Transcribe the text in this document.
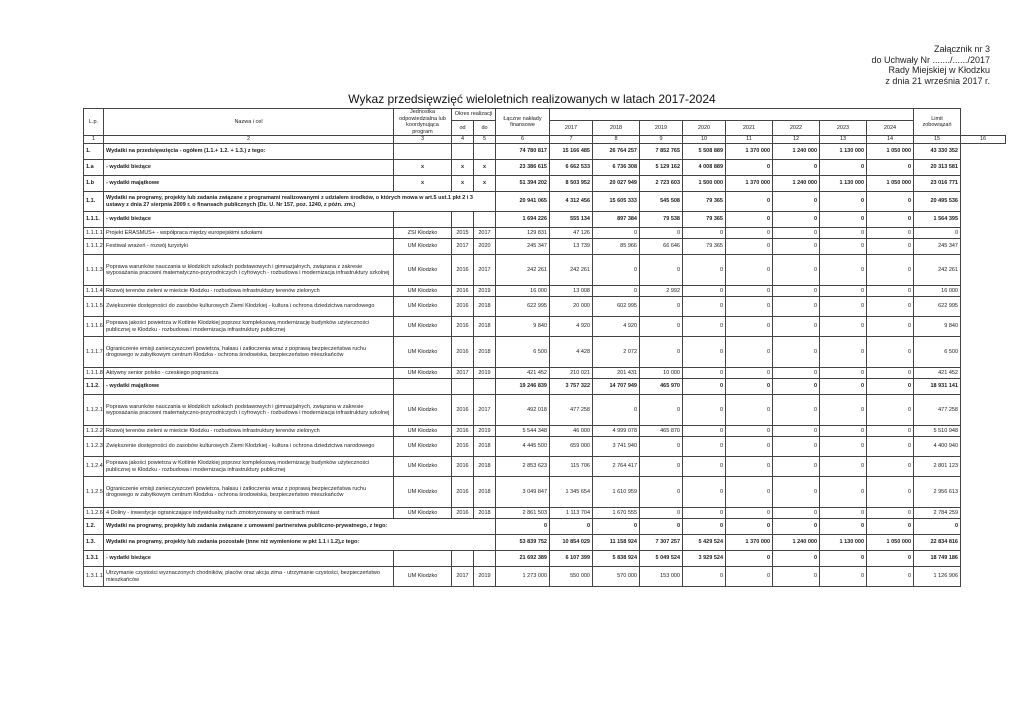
Załącznik nr 3
do Uchwały Nr ......./....../2017
Rady Miejskiej w Kłodzku
z dnia 21 września 2017 r.
Wykaz przedsięwzięć wieloletnich realizowanych w latach 2017-2024
L.p.	Nazwa i cel	Jednostka odpowiedzialna lub koordynująca program	Okres realizacji		Łączne nakłady finansowe									Limit zobowiązań	
			od	do		2017	2018	2019	2020	2021	2022	2023	2024		
1	2	3	4	5	6	7	8	9	10	11	12	13	14	15	16
1.	Wydatki na przedsięwzięcia - ogółem (1.1.+ 1.2. + 1.3.) z tego:				74 780 817	15 166 485	26 764 257	7 852 765	5 508 889	1 370 000	1 240 000	1 130 000	1 050 000	43 330 352	
1.a	- wydatki bieżące	x	x	x	23 386 615	6 662 533	6 736 308	5 129 162	4 008 889	0	0	0	0	20 313 581	
1.b	- wydatki majątkowe	x	x	x	51 394 202	8 503 952	20 027 949	2 723 603	1 500 000	1 370 000	1 240 000	1 130 000	1 050 000	23 016 771	
1.1.	Wydatki na programy, projekty lub zadania związane z programami realizowanymi z udziałem środków, o których mowa w art.5 ust.1 pkt 2 i 3 ustawy z dnia 27 sierpnia 2009 r. o finansach publicznych (Dz. U. Nr 157, poz. 1240, z późn. zm.)				20 941 065	4 312 456	15 605 333	545 508	79 365	0	0	0	0	20 495 536	
1.1.1.	- wydatki bieżące				1 694 226	555 134	897 384	79 538	79 365	0	0	0	0	1 564 395	
1.1.1.1	Projekt ERASMUS+ - współpraca między europejskimi szkołami	ZSI Kłodzko	2015	2017	129 831	47 126	0	0	0	0	0	0	0	0	
1.1.1.2	Festiwal wrażeń - rozwój turystyki	UM Kłodzko	2017	2020	245 347	13 739	85 966	66 646	79 365	0	0	0	0	245 347	
1.1.1.3	Poprawa warunków nauczania w kłodzkich szkołach podstawowych i gimnazjalnych, związana z zakresie wyposażania pracowni matematyczno-przyrodniczych i cyfrowych - rozbudowa i modernizacja infrastruktury szkolnej	UM Kłodzko	2016	2017	242 261	242 261	0	0	0	0	0	0	0	242 261	
1.1.1.4	Rozwój terenów zieleni w mieście Kłodzku - rozbudowa infrastruktury terenów zielonych	UM Kłodzko	2016	2019	16 000	13 008	0	2 992	0	0	0	0	0	16 000	
1.1.1.5	Zwiększenie dostępności do zasobów kulturowych Ziemi Kłodzkiej - kultura i ochrona dziedzictwa narodowego	UM Kłodzko	2016	2018	622 995	20 000	602 995	0	0	0	0	0	0	622 995	
1.1.1.6	Poprawa jakości powietrza w Kotlinie Kłodzkiej poprzez kompleksową modernizację budynków użyteczności publicznej w Kłodzku - rozbudowa i modernizacja infrastruktury publicznej	UM Kłodzko	2016	2018	9 840	4 920	4 920	0	0	0	0	0	0	9 840	
1.1.1.7	Ograniczenie emisji zanieczyszczeń powietrza, hałasu i zatłoczenia wraz z poprawą bezpieczeństwa ruchu drogowego w zabytkowym centrum Kłodzka - ochrona środowiska, bezpieczeństwo mieszkańców	UM Kłodzko	2016	2018	6 500	4 428	2 072	0	0	0	0	0	0	6 500	
1.1.1.8	Aktywny senior polsko - czeskiego pogranicza	UM Kłodzko	2017	2019	421 452	210 021	201 431	10 000	0	0	0	0	0	421 452	
1.1.2.	- wydatki majątkowe				19 246 839	3 757 322	14 707 949	465 970	0	0	0	0	0	18 931 141	
1.1.2.1	Poprawa warunków nauczania w kłodzkich szkołach podstawowych i gimnazjalnych, związana w zakresie wyposażania pracowni matematyczno-przyrodniczych i cyfrowych - rozbudowa i modernizacja infrastruktury szkolnej	UM Kłodzko	2016	2017	492 018	477 258	0	0	0	0	0	0	0	477 258	
1.1.2.2	Rozwój terenów zieleni w mieście Kłodzku - rozbudowa infrastruktury terenów zielonych	UM Kłodzko	2016	2019	5 544 348	46 000	4 999 078	465 870	0	0	0	0	0	5 510 948	
1.1.2.3	Zwiększenie dostępności do zasobów kulturowych Ziemi Kłodzkiej - kultura i ochrona dziedzictwa narodowego	UM Kłodzko	2016	2018	4 445 500	659 000	3 741 940	0	0	0	0	0	0	4 400 940	
1.1.2.4	Poprawa jakości powietrza w Kotlinie Kłodzkiej poprzez kompleksową modernizację budynków użyteczności publicznej w Kłodzku - rozbudowa i modernizacja infrastruktury publicznej	UM Kłodzko	2016	2018	2 853 623	115 706	2 764 417	0	0	0	0	0	0	2 801 123	
1.1.2.5	Ograniczenie emisji zanieczyszczeń powietrza, hałasu i zatłoczenia wraz z poprawą bezpieczeństwa ruchu drogowego w zabytkowym centrum Kłodzka - ochrona środowiska, bezpieczeństwo mieszkańców	UM Kłodzko	2016	2018	3 049 847	1 345 654	1 610 959	0	0	0	0	0	0	2 956 613	
1.1.2.6	4 Doliny - inwestycje ograniczające indywidualny ruch zmotoryzowany w centrach miast	UM Kłodzko	2016	2018	2 861 503	1 113 704	1 670 555	0	0	0	0	0	0	2 784 259	
1.2.	Wydatki na programy, projekty lub zadania związane z umowami partnerstwa publiczno-prywatnego, z tego:				0	0	0	0	0	0	0	0	0	0	
1.3.	Wydatki na programy, projekty lub zadania pozostałe (inne niż wymienione w pkt 1.1 i 1.2),z tego:				53 839 752	10 854 029	11 158 924	7 307 257	5 429 524	1 370 000	1 240 000	1 130 000	1 050 000	22 834 816	
1.3.1	- wydatki bieżące				21 692 389	6 107 399	5 838 924	5 049 524	3 929 524	0	0	0	0	18 749 186	
1.3.1.1	Utrzymanie czystości wyznaczonych chodników, placów oraz akcja zima - utrzymanie czystości, bezpieczeństwo mieszkańców	UM Kłodzko	2017	2019	1 273 000	550 000	570 000	153 000	0	0	0	0	0	1 126 906	
